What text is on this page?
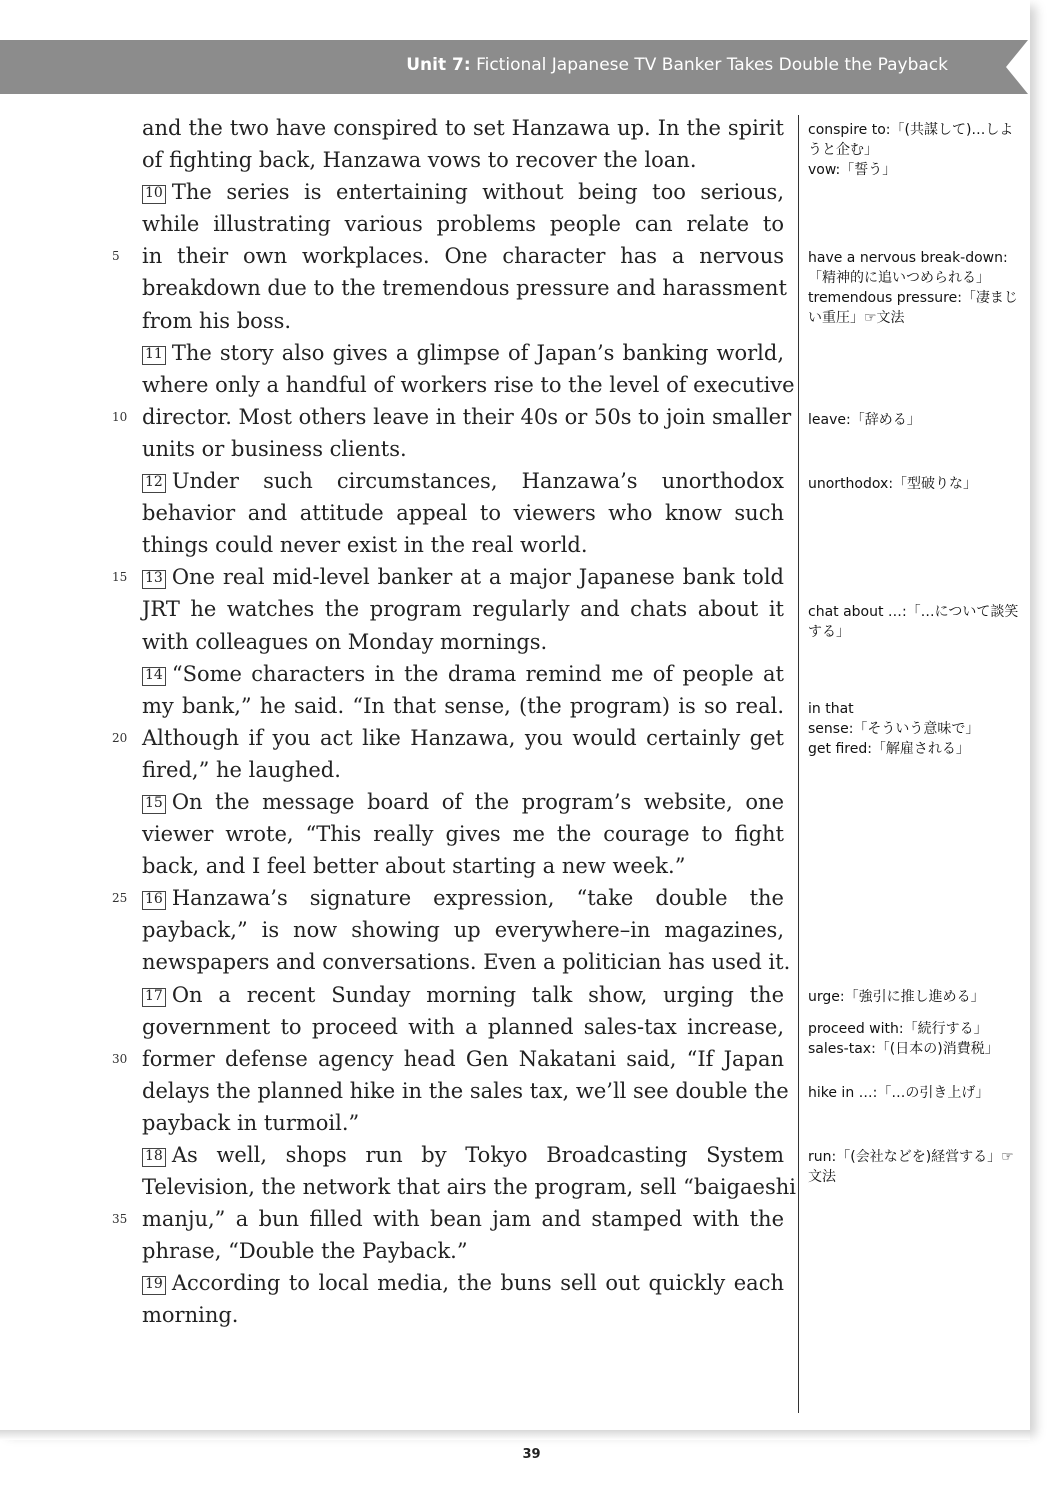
Unit 7: Fictional Japanese TV Banker Takes Double the Payback
and the two have conspired to set Hanzawa up. In the spirit
of fighting back, Hanzawa vows to recover the loan.
10 The series is entertaining without being too serious,
while illustrating various problems people can relate to
in their own workplaces. One character has a nervous
breakdown due to the tremendous pressure and harassment
from his boss.
11 The story also gives a glimpse of Japan’s banking world,
where only a handful of workers rise to the level of executive
director. Most others leave in their 40s or 50s to join smaller
units or business clients.
12 Under such circumstances, Hanzawa’s unorthodox
behavior and attitude appeal to viewers who know such
things could never exist in the real world.
13 One real mid-level banker at a major Japanese bank told
JRT he watches the program regularly and chats about it
with colleagues on Monday mornings.
14 “Some characters in the drama remind me of people at
my bank,” he said. “In that sense, (the program) is so real.
Although if you act like Hanzawa, you would certainly get
fired,” he laughed.
15 On the message board of the program’s website, one
viewer wrote, “This really gives me the courage to fight
back, and I feel better about starting a new week.”
16 Hanzawa’s signature expression, “take double the
payback,” is now showing up everywhere–in magazines,
newspapers and conversations. Even a politician has used it.
17 On a recent Sunday morning talk show, urging the
government to proceed with a planned sales-tax increase,
former defense agency head Gen Nakatani said, “If Japan
delays the planned hike in the sales tax, we’ll see double the
payback in turmoil.”
18 As well, shops run by Tokyo Broadcasting System
Television, the network that airs the program, sell “baigaeshi
manju,” a bun filled with bean jam and stamped with the
phrase, “Double the Payback.”
19 According to local media, the buns sell out quickly each
morning.
5
10
15
20
25
30
35
conspire to:「(共謀して)…しようと企む」
vow:「誓う」
have a nervous break-down:「精神的に追いつめられる」
tremendous pressure:「凄まじい重圧」☞文法
leave:「辞める」
unorthodox:「型破りな」
chat about …:「…について談笑する」
in that sense:「そういう意味で」
get fired:「解雇される」
urge:「強引に推し進める」
proceed with:「続行する」
sales-tax:「(日本の)消費税」
hike in …:「…の引き上げ」
run:「(会社などを)経営する」☞文法
39
